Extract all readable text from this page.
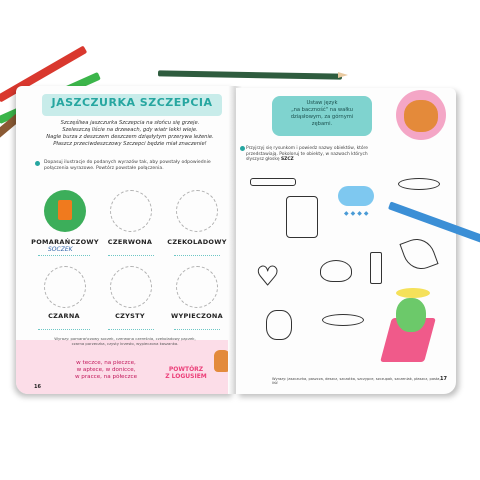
JASZCZURKA SZCZEPCIA
Szczęśliwa jaszczurka Szczepcia na słońcu się grzeje.
Szeleszczą liście na drzewach, gdy wiatr lekki wieje.
Nagle burza z deszczem deszczem dziąsłytym przerywa leżenie.
Płaszcz przeciwdeszczowy Szczepci będzie miał znaczenie!
Dopasuj ilustracje do podanych wyrazów tak, aby powstały odpowiednie połączenia wyrazowe. Powtórz powstałe połączenia.
POMARAŃCZOWY
SOCZEK
CZERWONA	CZEKOLADOWY
CZARNA	CZYSTY	WYPIECZONA
Wyrazy: pomarańczowy soczek, czerwona czereśnia, czekoladowy pączek, czarna porzeczka, czysty krzesło, wypieczona kaszanka.
w teczce, na pieczce,
w aptece, w donicce,
w pracce, na półeczce
POWTÓRZ
Z LOGUSIEM
16
Ustaw język
„na baczność" na wałku
dziąsłowym, za górnymi
zębami.
Przyjrzyj się rysunkom i powiedz nazwy obiektów, które przedstawiają. Pokoloruj te obiekty, w nazwach których słyszysz głoskę SZCZ
◆◆◆◆
♥
Wyrazy: jaszczurka, paszcza, deszcz, szczotka, szczypce, szczupak, szczeniak, płaszcz, pasta, liść
17
